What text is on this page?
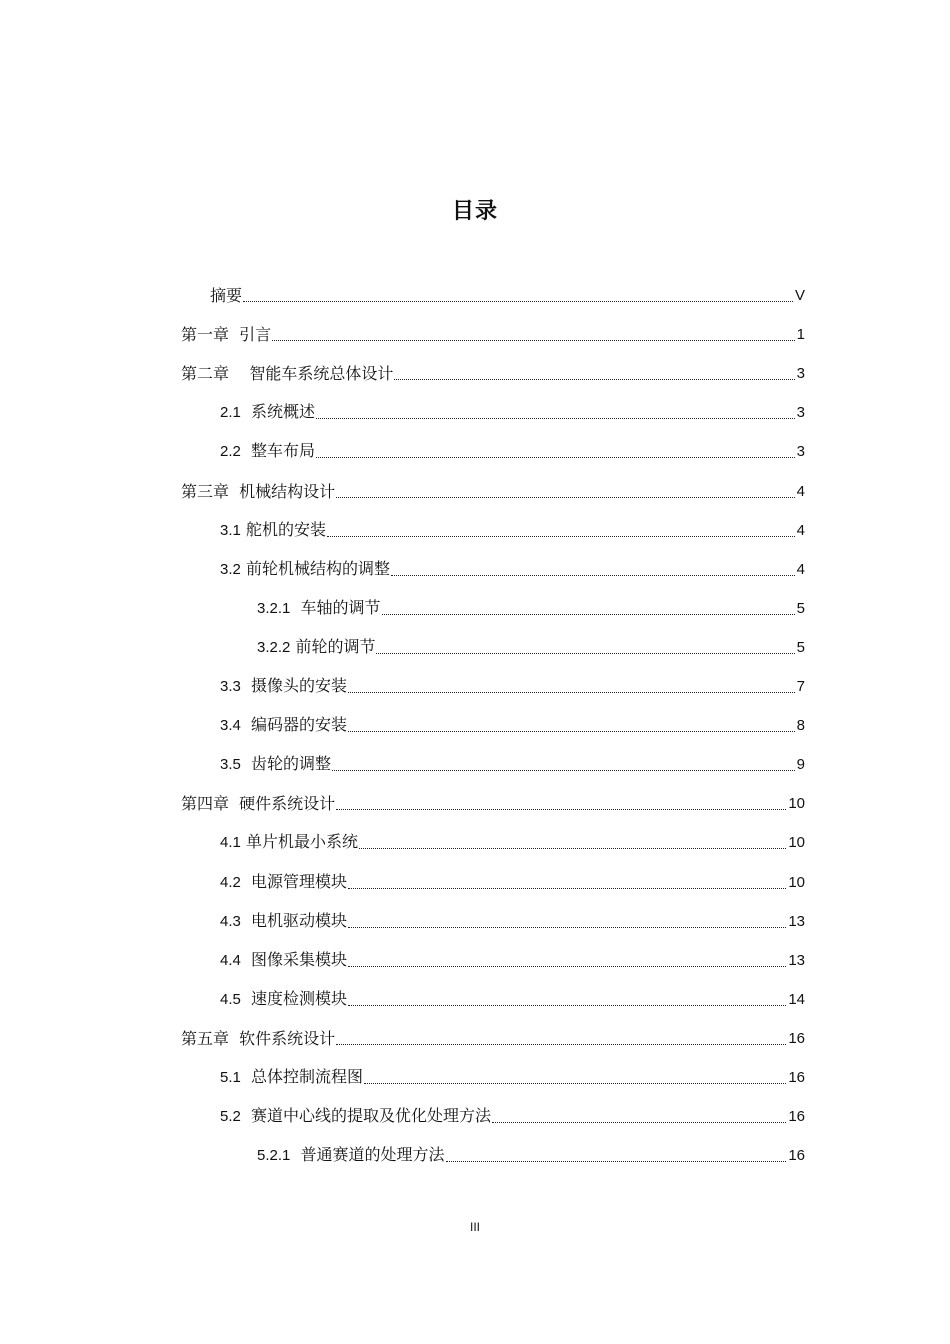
目录
摘要	V
第一章  引言	1
第二章    智能车系统总体设计	3
2.1  系统概述	3
2.2  整车布局	3
第三章  机械结构设计	4
3.1 舵机的安装	4
3.2 前轮机械结构的调整	4
3.2.1  车轴的调节	5
3.2.2 前轮的调节	5
3.3  摄像头的安装	7
3.4  编码器的安装	8
3.5  齿轮的调整	9
第四章  硬件系统设计	10
4.1 单片机最小系统	10
4.2  电源管理模块	10
4.3  电机驱动模块	13
4.4  图像采集模块	13
4.5  速度检测模块	14
第五章  软件系统设计	16
5.1  总体控制流程图	16
5.2  赛道中心线的提取及优化处理方法	16
5.2.1  普通赛道的处理方法	16
III
